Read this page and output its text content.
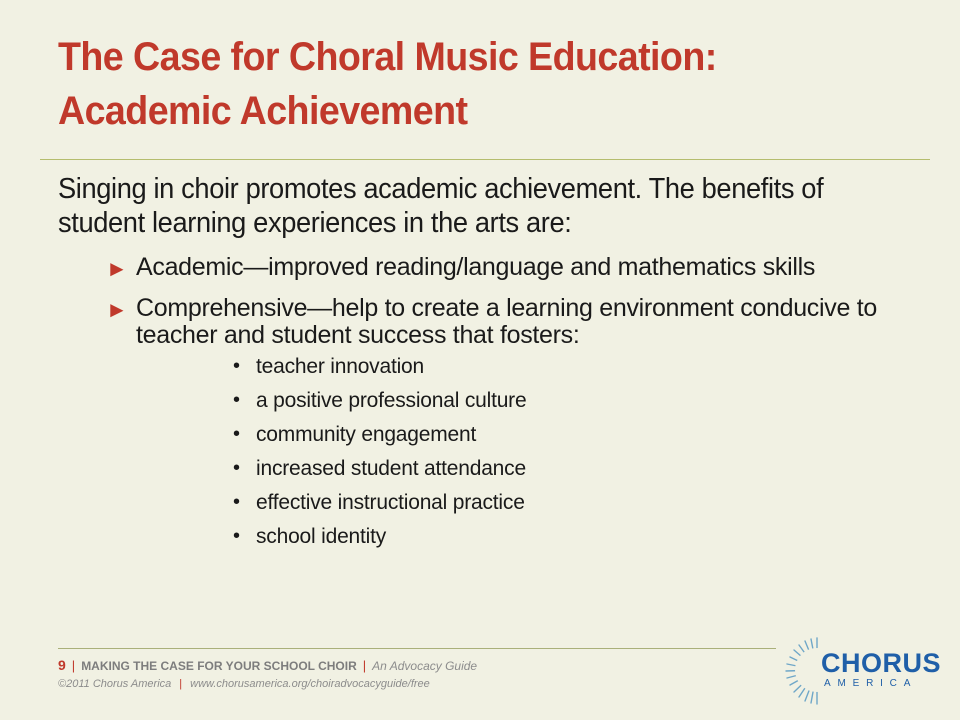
The Case for Choral Music Education:
Academic Achievement

Singing in choir promotes academic achievement. The benefits of student learning experiences in the arts are:

► Academic—improved reading/language and mathematics skills
► Comprehensive—help to create a learning environment conducive to teacher and student success that fosters:
• teacher innovation
• a positive professional culture
• community engagement
• increased student attendance
• effective instructional practice
• school identity
9 | MAKING THE CASE FOR YOUR SCHOOL CHOIR | An Advocacy Guide
©2011 Chorus America | www.chorusamerica.org/choiradvocacyguide/free
CHORUS
AMERICA
